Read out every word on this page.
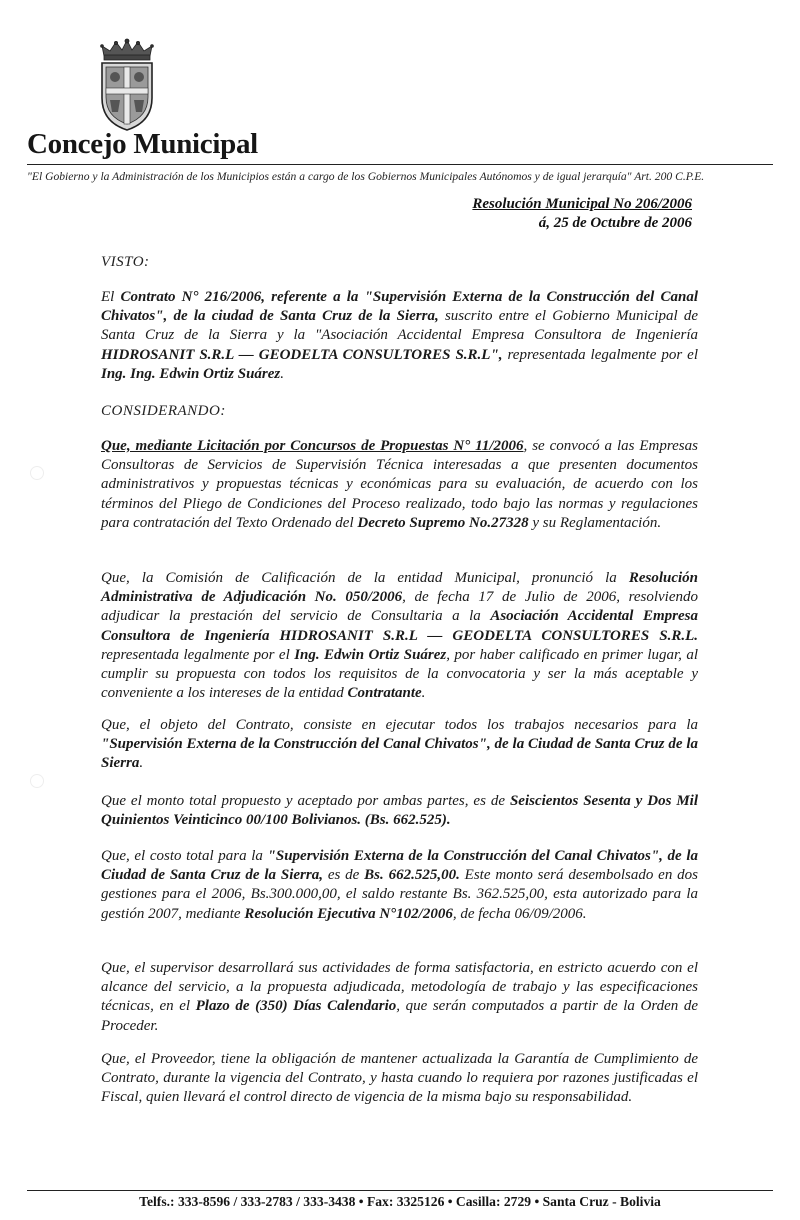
Concejo Municipal
"El Gobierno y la Administración de los Municipios están a cargo de los Gobiernos Municipales Autónomos y de igual jerarquía" Art. 200 C.P.E.
Resolución Municipal No 206/2006
á, 25 de Octubre de 2006
VISTO:
El Contrato N° 216/2006, referente a la "Supervisión Externa de la Construcción del Canal Chivatos", de la ciudad de Santa Cruz de la Sierra, suscrito entre el Gobierno Municipal de Santa Cruz de la Sierra y la "Asociación Accidental Empresa Consultora de Ingeniería HIDROSANIT S.R.L — GEODELTA CONSULTORES S.R.L", representada legalmente por el Ing. Ing. Edwin Ortiz Suárez.
CONSIDERANDO:
Que, mediante Licitación por Concursos de Propuestas N° 11/2006, se convocó a las Empresas Consultoras de Servicios de Supervisión Técnica interesadas a que presenten documentos administrativos y propuestas técnicas y económicas para su evaluación, de acuerdo con los términos del Pliego de Condiciones del Proceso realizado, todo bajo las normas y regulaciones para contratación del Texto Ordenado del Decreto Supremo No.27328 y su Reglamentación.
Que, la Comisión de Calificación de la entidad Municipal, pronunció la Resolución Administrativa de Adjudicación No. 050/2006, de fecha 17 de Julio de 2006, resolviendo adjudicar la prestación del servicio de Consultaria a la Asociación Accidental Empresa Consultora de Ingeniería HIDROSANIT S.R.L — GEODELTA CONSULTORES S.R.L. representada legalmente por el Ing. Edwin Ortiz Suárez, por haber calificado en primer lugar, al cumplir su propuesta con todos los requisitos de la convocatoria y ser la más aceptable y conveniente a los intereses de la entidad Contratante.
Que, el objeto del Contrato, consiste en ejecutar todos los trabajos necesarios para la "Supervisión Externa de la Construcción del Canal Chivatos", de la Ciudad de Santa Cruz de la Sierra.
Que el monto total propuesto y aceptado por ambas partes, es de Seiscientos Sesenta y Dos Mil Quinientos Veinticinco 00/100 Bolivianos. (Bs. 662.525).
Que, el costo total para la "Supervisión Externa de la Construcción del Canal Chivatos", de la Ciudad de Santa Cruz de la Sierra, es de Bs. 662.525,00. Este monto será desembolsado en dos gestiones para el 2006, Bs.300.000,00, el saldo restante Bs. 362.525,00, esta autorizado para la gestión 2007, mediante Resolución Ejecutiva N°102/2006, de fecha 06/09/2006.
Que, el supervisor desarrollará sus actividades de forma satisfactoria, en estricto acuerdo con el alcance del servicio, a la propuesta adjudicada, metodología de trabajo y las especificaciones técnicas, en el Plazo de (350) Días Calendario, que serán computados a partir de la Orden de Proceder.
Que, el Proveedor, tiene la obligación de mantener actualizada la Garantía de Cumplimiento de Contrato, durante la vigencia del Contrato, y hasta cuando lo requiera por razones justificadas el Fiscal, quien llevará el control directo de vigencia de la misma bajo su responsabilidad.
Telfs.: 333-8596 / 333-2783 / 333-3438 • Fax: 3325126 • Casilla: 2729 • Santa Cruz - Bolivia
